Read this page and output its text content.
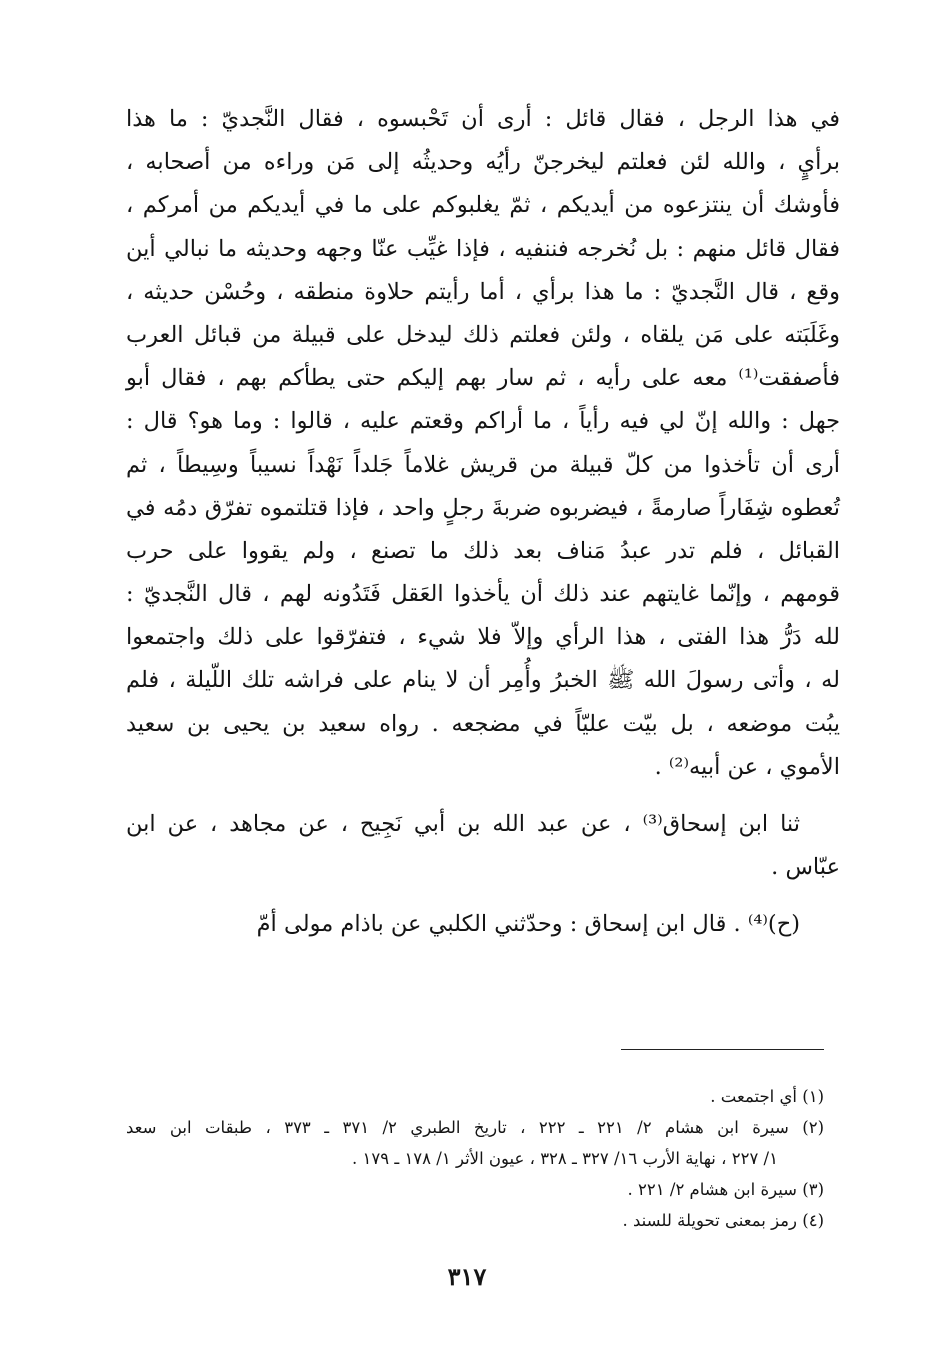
في هذا الرجل ، فقال قائل : أرى أن تَحْبسوه ، فقال النَّجديّ : ما هذا
برأيٍ ، والله لئن فعلتم ليخرجنّ رأيُه وحديثُه إلى مَن وراءه من أصحابه ،
فأوشك أن ينتزعوه من أيديكم ، ثمّ يغلبوكم على ما في أيديكم من أمركم ،
فقال قائل منهم : بل نُخرجه فننفيه ، فإذا غيِّب عنّا وجهه وحديثه ما نبالي أين
وقع ، قال النَّجديّ : ما هذا برأي ، أما رأيتم حلاوة منطقه ، وحُسْن حديثه ،
وغَلَبَته على مَن يلقاه ، ولئن فعلتم ذلك ليدخل على قبيلة من قبائل العرب
فأصفقت⁽¹⁾ معه على رأيه ، ثم سار بهم إليكم حتى يطأكم بهم ، فقال أبو
جهل : والله إنّ لي فيه رأياً ، ما أراكم وقعتم عليه ، قالوا : وما هو؟ قال :
أرى أن تأخذوا من كلّ قبيلة من قريش غلاماً جَلداً نَهْداً نسيباً وسِيطاً ، ثم
تُعطوه شِفَاراً صارمةً ، فيضربوه ضربةَ رجلٍ واحد ، فإذا قتلتموه تفرّق دمُه في
القبائل ، فلم تدر عبدُ مَناف بعد ذلك ما تصنع ، ولم يقووا على حرب
قومهم ، وإنّما غايتهم عند ذلك أن يأخذوا العَقل فَتَدُونه لهم ، قال النَّجديّ :
لله دَرُّ هذا الفتى ، هذا الرأي وإلاّ فلا شيء ، فتفرّقوا على ذلك واجتمعوا
له ، وأتى رسولَ الله ﷺ الخبرُ وأُمِر أن لا ينام على فراشه تلك اللّيلة ، فلم
يبُت موضعه ، بل بيّت عليّاً في مضجعه . رواه سعيد بن يحيى بن سعيد
الأموي ، عن أبيه⁽²⁾ .
ثنا ابن إسحاق⁽³⁾ ، عن عبد الله بن أبي نَجِيح ، عن مجاهد ، عن ابن
عبّاس .
(ح)⁽⁴⁾ . قال ابن إسحاق : وحدّثني الكلبي عن باذام مولى أمّ
(١) أي اجتمعت .
(٢) سيرة ابن هشام ٢/ ٢٢١ ـ ٢٢٢ ، تاريخ الطبري ٢/ ٣٧١ ـ ٣٧٣ ، طبقات ابن سعد
١/ ٢٢٧ ، نهاية الأرب ١٦/ ٣٢٧ ـ ٣٢٨ ، عيون الأثر ١/ ١٧٨ ـ ١٧٩ .
(٣) سيرة ابن هشام ٢/ ٢٢١ .
(٤) رمز بمعنى تحويلة للسند .
٣١٧
